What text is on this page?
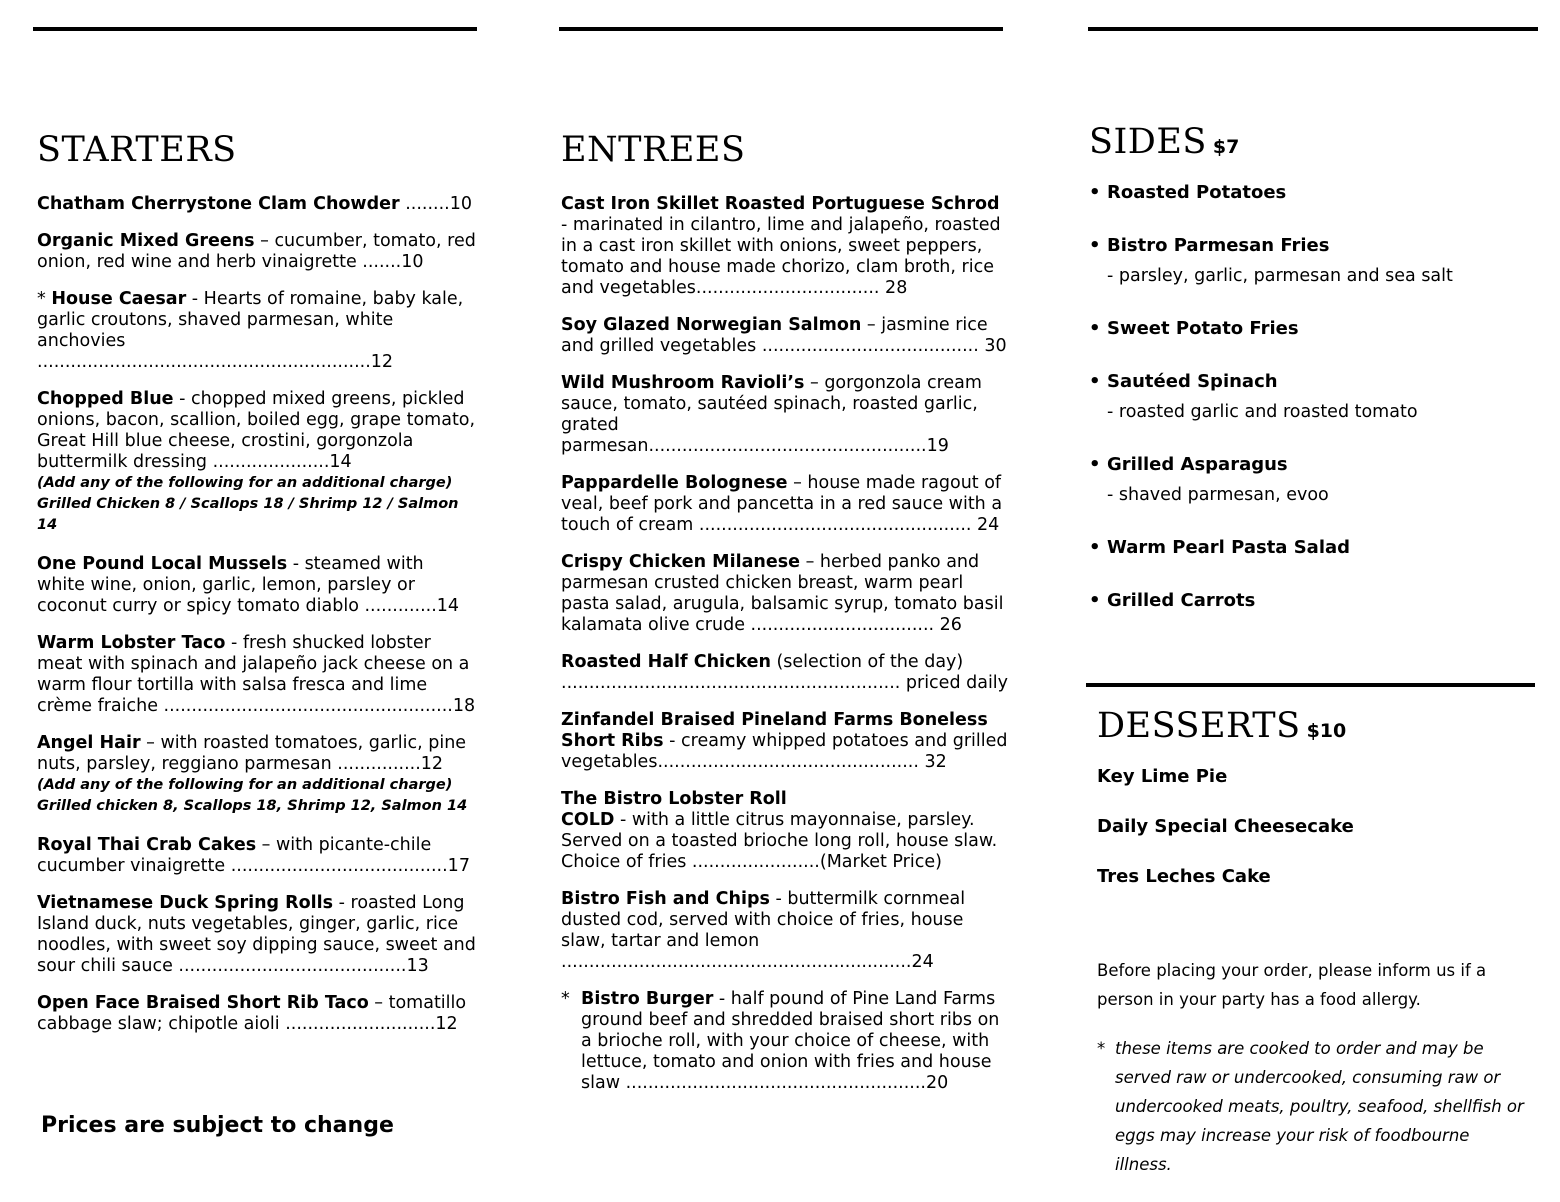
STARTERS

Chatham Cherrystone Clam Chowder ........10

Organic Mixed Greens – cucumber, tomato, red onion, red wine and herb vinaigrette .......10

* House Caesar - Hearts of romaine, baby kale, garlic croutons, shaved parmesan, white anchovies ............................................................12

Chopped Blue - chopped mixed greens, pickled onions, bacon, scallion, boiled egg, grape tomato, Great Hill blue cheese, crostini, gorgonzola buttermilk dressing .....................14
(Add any of the following for an additional charge)
Grilled Chicken 8 / Scallops 18 / Shrimp 12 / Salmon 14

One Pound Local Mussels - steamed with white wine, onion, garlic, lemon, parsley or coconut curry or spicy tomato diablo .............14

Warm Lobster Taco - fresh shucked lobster meat with spinach and jalapeño jack cheese on a warm flour tortilla with salsa fresca and lime crème fraiche ....................................................18

Angel Hair – with roasted tomatoes, garlic, pine nuts, parsley, reggiano parmesan ...............12
(Add any of the following for an additional charge)
Grilled chicken 8, Scallops 18, Shrimp 12, Salmon 14

Royal Thai Crab Cakes – with picante-chile cucumber vinaigrette .......................................17

Vietnamese Duck Spring Rolls - roasted Long Island duck, nuts vegetables, ginger, garlic, rice noodles, with sweet soy dipping sauce, sweet and sour chili sauce .........................................13

Open Face Braised Short Rib Taco – tomatillo cabbage slaw; chipotle aioli ...........................12

Prices are subject to change
ENTREES
Cast Iron Skillet Roasted Portuguese Schrod
- marinated in cilantro, lime and jalapeño, roasted in a cast iron skillet with onions, sweet peppers, tomato and house made chorizo, clam broth, rice and vegetables................................. 28

Soy Glazed Norwegian Salmon – jasmine rice and grilled vegetables ....................................... 30

Wild Mushroom Ravioli’s – gorgonzola cream sauce, tomato, sautéed spinach, roasted garlic, grated parmesan..................................................19

Pappardelle Bolognese – house made ragout of veal, beef pork and pancetta in a red sauce with a touch of cream ................................................. 24

Crispy Chicken Milanese – herbed panko and parmesan crusted chicken breast, warm pearl pasta salad, arugula, balsamic syrup, tomato basil kalamata olive crude ................................. 26

Roasted Half Chicken (selection of the day) ............................................................. priced daily

Zinfandel Braised Pineland Farms Boneless Short Ribs - creamy whipped potatoes and grilled vegetables............................................... 32

The Bistro Lobster Roll
COLD - with a little citrus mayonnaise, parsley. Served on a toasted brioche long roll, house slaw. Choice of fries .......................(Market Price)

Bistro Fish and Chips - buttermilk cornmeal dusted cod, served with choice of fries, house slaw, tartar and lemon ...............................................................24

* Bistro Burger - half pound of Pine Land Farms ground beef and shredded braised short ribs on a brioche roll, with your choice of cheese, with lettuce, tomato and onion with fries and house slaw ......................................................20
SIDES $7
• Roasted Potatoes
• Bistro Parmesan Fries
- parsley, garlic, parmesan and sea salt
• Sweet Potato Fries
• Sautéed Spinach
- roasted garlic and roasted tomato
• Grilled Asparagus
- shaved parmesan, evoo
• Warm Pearl Pasta Salad
• Grilled Carrots
DESSERTS $10

Key Lime Pie

Daily Special Cheesecake

Tres Leches Cake

Before placing your order, please inform us if a person in your party has a food allergy.

* these items are cooked to order and may be served raw or undercooked, consuming raw or undercooked meats, poultry, seafood, shellfish or eggs may increase your risk of foodbourne illness.
